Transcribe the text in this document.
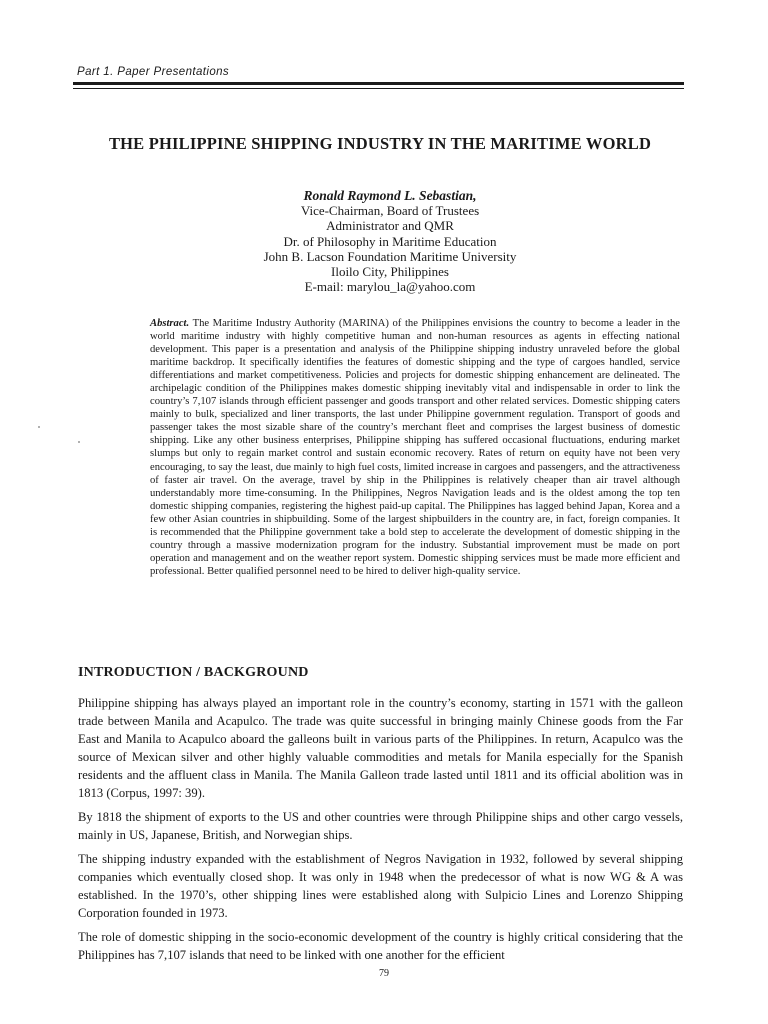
Part 1. Paper Presentations
THE PHILIPPINE SHIPPING INDUSTRY IN THE MARITIME WORLD
Ronald Raymond L. Sebastian,
Vice-Chairman, Board of Trustees
Administrator and QMR
Dr. of Philosophy in Maritime Education
John B. Lacson Foundation Maritime University
Iloilo City, Philippines
E-mail: marylou_la@yahoo.com

Abstract. The Maritime Industry Authority (MARINA) of the Philippines envisions the country to become a leader in the world maritime industry with highly competitive human and non-human resources as agents in effecting national development. This paper is a presentation and analysis of the Philippine shipping industry unraveled before the global maritime backdrop. It specifically identifies the features of domestic shipping and the type of cargoes handled, service differentiations and market competitiveness. Policies and projects for domestic shipping enhancement are delineated. The archipelagic condition of the Philippines makes domestic shipping inevitably vital and indispensable in order to link the country’s 7,107 islands through efficient passenger and goods transport and other related services. Domestic shipping caters mainly to bulk, specialized and liner transports, the last under Philippine government regulation. Transport of goods and passenger takes the most sizable share of the country’s merchant fleet and comprises the largest business of domestic shipping. Like any other business enterprises, Philippine shipping has suffered occasional fluctuations, enduring market slumps but only to regain market control and sustain economic recovery. Rates of return on equity have not been very encouraging, to say the least, due mainly to high fuel costs, limited increase in cargoes and passengers, and the attractiveness of faster air travel. On the average, travel by ship in the Philippines is relatively cheaper than air travel although understandably more time-consuming. In the Philippines, Negros Navigation leads and is the oldest among the top ten domestic shipping companies, registering the highest paid-up capital. The Philippines has lagged behind Japan, Korea and a few other Asian countries in shipbuilding. Some of the largest shipbuilders in the country are, in fact, foreign companies. It is recommended that the Philippine government take a bold step to accelerate the development of domestic shipping in the country through a massive modernization program for the industry. Substantial improvement must be made on port operation and management and on the weather report system. Domestic shipping services must be made more efficient and professional. Better qualified personnel need to be hired to deliver high-quality service.

INTRODUCTION / BACKGROUND

Philippine shipping has always played an important role in the country’s economy, starting in 1571 with the galleon trade between Manila and Acapulco. The trade was quite successful in bringing mainly Chinese goods from the Far East and Manila to Acapulco aboard the galleons built in various parts of the Philippines. In return, Acapulco was the source of Mexican silver and other highly valuable commodities and metals for Manila especially for the Spanish residents and the affluent class in Manila. The Manila Galleon trade lasted until 1811 and its official abolition was in 1813 (Corpus, 1997: 39).

By 1818 the shipment of exports to the US and other countries were through Philippine ships and other cargo vessels, mainly in US, Japanese, British, and Norwegian ships.

The shipping industry expanded with the establishment of Negros Navigation in 1932, followed by several shipping companies which eventually closed shop. It was only in 1948 when the predecessor of what is now WG & A was established. In the 1970’s, other shipping lines were established along with Sulpicio Lines and Lorenzo Shipping Corporation founded in 1973.

The role of domestic shipping in the socio-economic development of the country is highly critical considering that the Philippines has 7,107 islands that need to be linked with one another for the efficient

79
